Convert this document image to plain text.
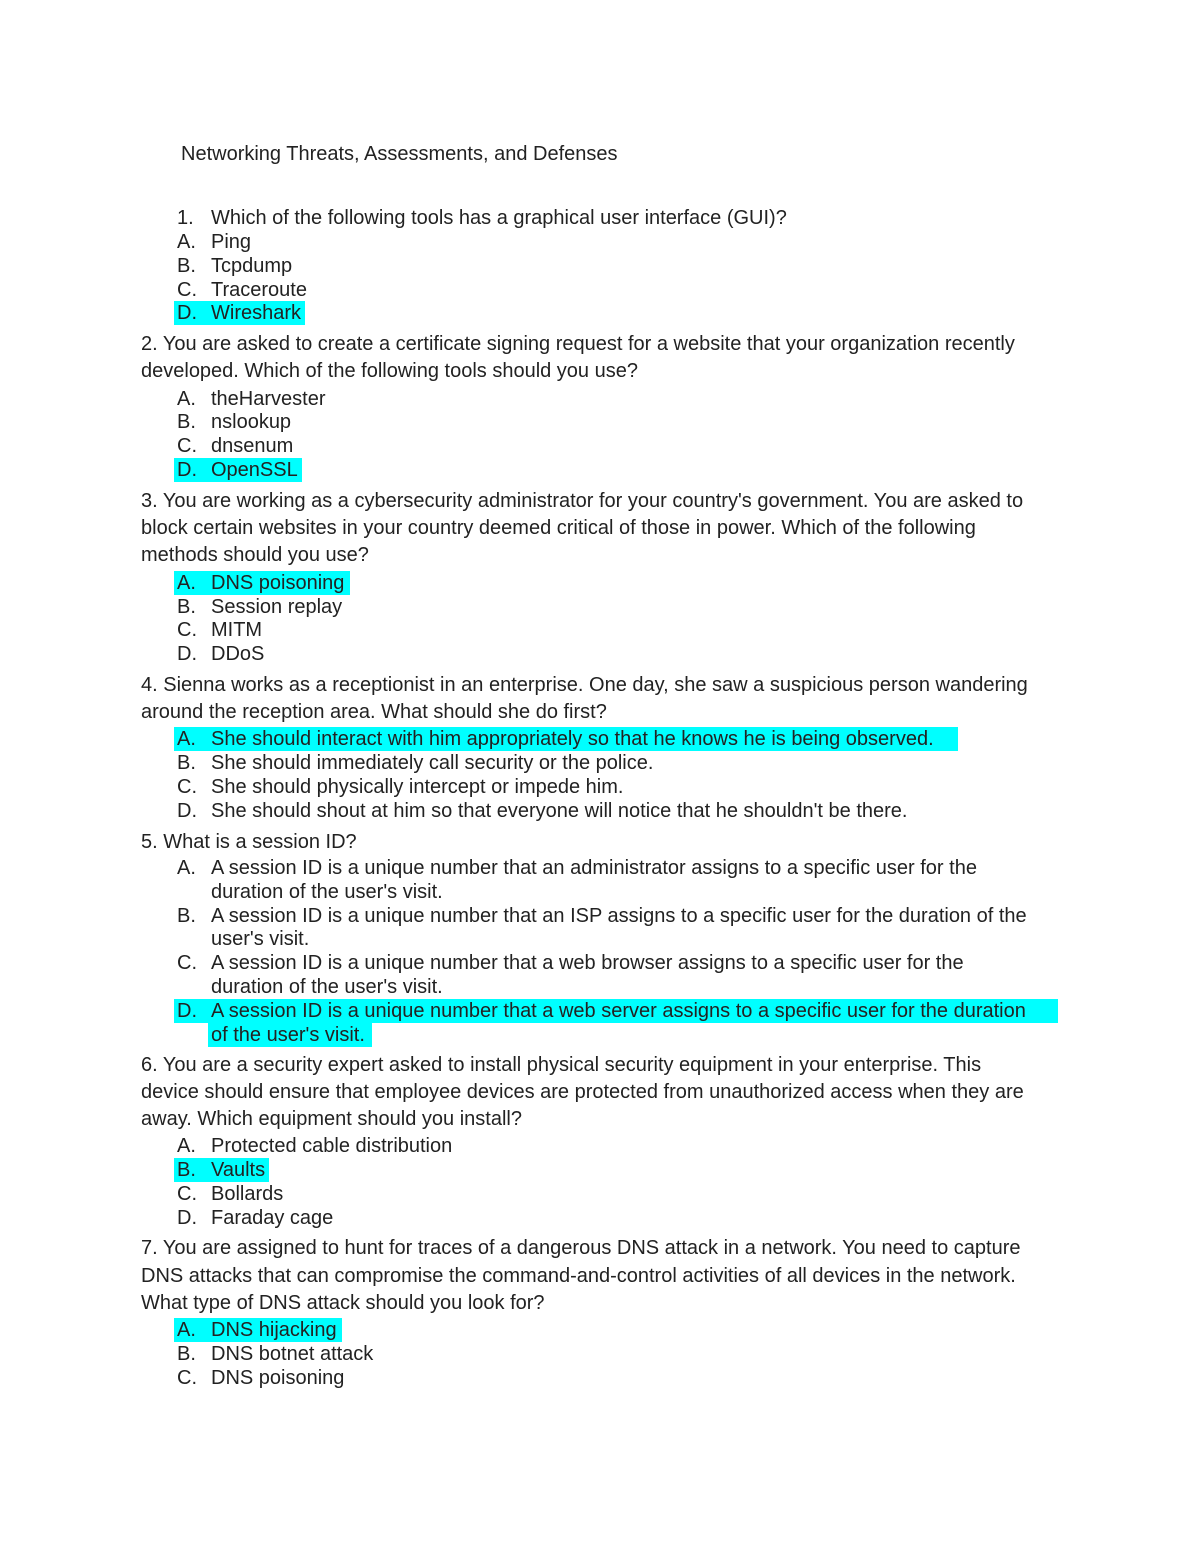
Networking Threats, Assessments, and Defenses
1. Which of the following tools has a graphical user interface (GUI)?
A. Ping
B. Tcpdump
C. Traceroute
D. Wireshark
2. You are asked to create a certificate signing request for a website that your organization recently
developed. Which of the following tools should you use?
A. theHarvester
B. nslookup
C. dnsenum
D. OpenSSL
3. You are working as a cybersecurity administrator for your country's government. You are asked to
block certain websites in your country deemed critical of those in power. Which of the following
methods should you use?
A. DNS poisoning
B. Session replay
C. MITM
D. DDoS
4. Sienna works as a receptionist in an enterprise. One day, she saw a suspicious person wandering
around the reception area. What should she do first?
A. She should interact with him appropriately so that he knows he is being observed.
B. She should immediately call security or the police.
C. She should physically intercept or impede him.
D. She should shout at him so that everyone will notice that he shouldn't be there.
5. What is a session ID?
A. A session ID is a unique number that an administrator assigns to a specific user for the
duration of the user's visit.
B. A session ID is a unique number that an ISP assigns to a specific user for the duration of the
user's visit.
C. A session ID is a unique number that a web browser assigns to a specific user for the
duration of the user's visit.
D. A session ID is a unique number that a web server assigns to a specific user for the duration
of the user's visit.
6. You are a security expert asked to install physical security equipment in your enterprise. This
device should ensure that employee devices are protected from unauthorized access when they are
away. Which equipment should you install?
A. Protected cable distribution
B. Vaults
C. Bollards
D. Faraday cage
7. You are assigned to hunt for traces of a dangerous DNS attack in a network. You need to capture
DNS attacks that can compromise the command-and-control activities of all devices in the network.
What type of DNS attack should you look for?
A. DNS hijacking
B. DNS botnet attack
C. DNS poisoning
